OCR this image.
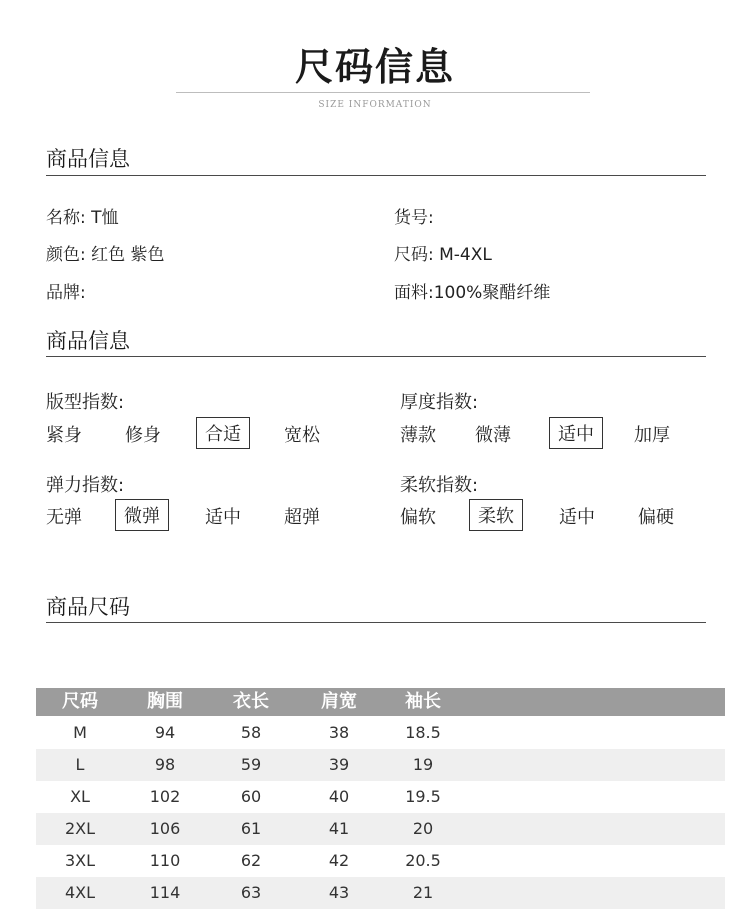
尺码信息
SIZE INFORMATION
商品信息
名称: T恤	货号:
颜色: 红色 紫色	尺码: M-4XL
品牌:	面料:100%聚醋纤维
商品信息
版型指数:
紧身 修身	合适	宽松
厚度指数:
薄款 微薄	适中	加厚
弹力指数:
无弹	微弹	适中 超弹
柔软指数:
偏软	柔软	适中 偏硬
商品尺码
尺码	胸围	衣长	肩宽	袖长
M	94	58	38	18.5
L	98	59	39	19
XL	102	60	40	19.5
2XL	106	61	41	20
3XL	110	62	42	20.5
4XL	114	63	43	21
